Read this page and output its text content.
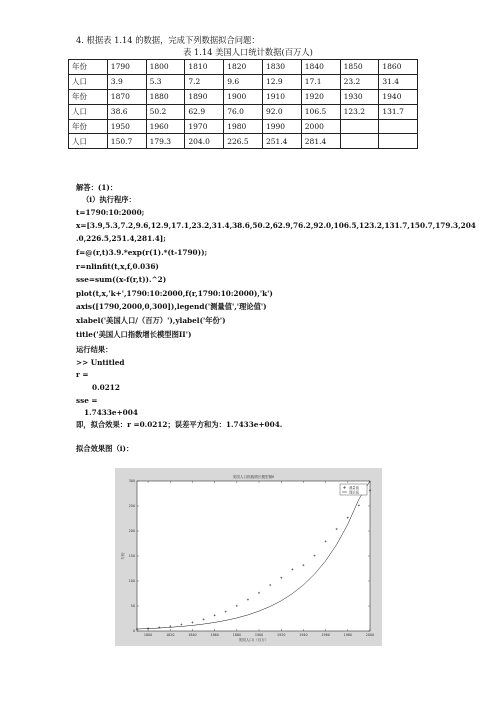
4. 根据表 1.14 的数据，完成下列数据拟合问题：
表 1.14 美国人口统计数据(百万人)
年份	1790	1800	1810	1820	1830	1840	1850	1860
人口	3.9	5.3	7.2	9.6	12.9	17.1	23.2	31.4
年份	1870	1880	1890	1900	1910	1920	1930	1940
人口	38.6	50.2	62.9	76.0	92.0	106.5	123.2	131.7
年份	1950	1960	1970	1980	1990	2000		
人口	150.7	179.3	204.0	226.5	251.4	281.4		
解答：(1)：
（i）执行程序：
t=1790:10:2000;
x=[3.9,5.3,7.2,9.6,12.9,17.1,23.2,31.4,38.6,50.2,62.9,76.2,92.0,106.5,123.2,131.7,150.7,179.3,204
.0,226.5,251.4,281.4];
f=@(r,t)3.9.*exp(r(1).*(t-1790));
r=nlinfit(t,x,f,0.036)
sse=sum((x-f(r,t)).^2)
plot(t,x,'k+',1790:10:2000,f(r,1790:10:2000),'k')
axis([1790,2000,0,300]),legend('测量值','理论值')
xlabel('美国人口/（百万）'),ylabel('年份')
title('美国人口指数增长模型图II')
运行结果：
>> Untitled
r =
0.0212
sse =
1.7433e+004
即，拟合效果：r =0.0212；误差平方和为：1.7433e+004.
拟合效果图（i)：
美国人口指数增长模型图II
1800	1820	1840	1860	1880	1900	1920	1940	1960	1980	2000
0
50
100
150
200
250
300
美国人口/（百万）
年份
测量值
理论值
